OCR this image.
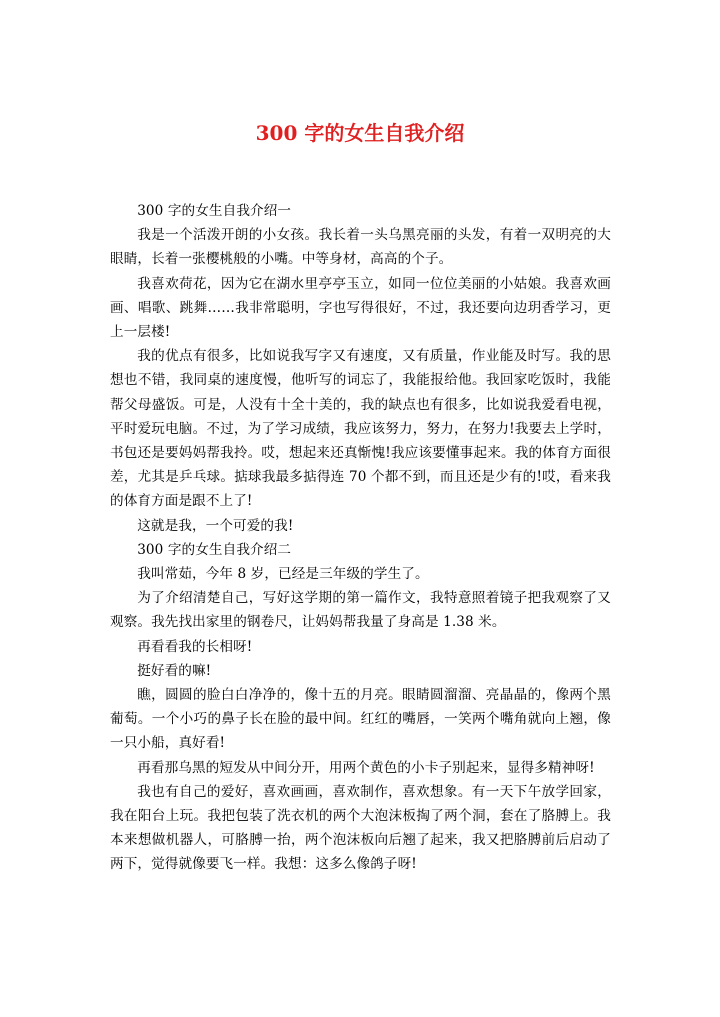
300 字的女生自我介绍

300 字的女生自我介绍一

我是一个活泼开朗的小女孩。我长着一头乌黑亮丽的头发，有着一双明亮的大眼睛，长着一张樱桃般的小嘴。中等身材，高高的个子。

我喜欢荷花，因为它在湖水里亭亭玉立，如同一位位美丽的小姑娘。我喜欢画画、唱歌、跳舞……我非常聪明，字也写得很好，不过，我还要向边玥香学习，更上一层楼!

我的优点有很多，比如说我写字又有速度，又有质量，作业能及时写。我的思想也不错，我同桌的速度慢，他听写的词忘了，我能报给他。我回家吃饭时，我能帮父母盛饭。可是，人没有十全十美的，我的缺点也有很多，比如说我爱看电视，平时爱玩电脑。不过，为了学习成绩，我应该努力，努力，在努力!我要去上学时，书包还是要妈妈帮我拎。哎，想起来还真惭愧!我应该要懂事起来。我的体育方面很差，尤其是乒乓球。掂球我最多掂得连 70 个都不到，而且还是少有的!哎，看来我的体育方面是跟不上了!

这就是我，一个可爱的我!

300 字的女生自我介绍二

我叫常茹，今年 8 岁，已经是三年级的学生了。

为了介绍清楚自己，写好这学期的第一篇作文，我特意照着镜子把我观察了又观察。我先找出家里的钢卷尺，让妈妈帮我量了身高是 1.38 米。

再看看我的长相呀!

挺好看的嘛!

瞧，圆圆的脸白白净净的，像十五的月亮。眼睛圆溜溜、亮晶晶的，像两个黑葡萄。一个小巧的鼻子长在脸的最中间。红红的嘴唇，一笑两个嘴角就向上翘，像一只小船，真好看!

再看那乌黑的短发从中间分开，用两个黄色的小卡子别起来，显得多精神呀!

我也有自己的爱好，喜欢画画，喜欢制作，喜欢想象。有一天下午放学回家，我在阳台上玩。我把包装了洗衣机的两个大泡沫板掏了两个洞，套在了胳膊上。我本来想做机器人，可胳膊一抬，两个泡沫板向后翘了起来，我又把胳膊前后启动了两下，觉得就像要飞一样。我想：这多么像鸽子呀!
